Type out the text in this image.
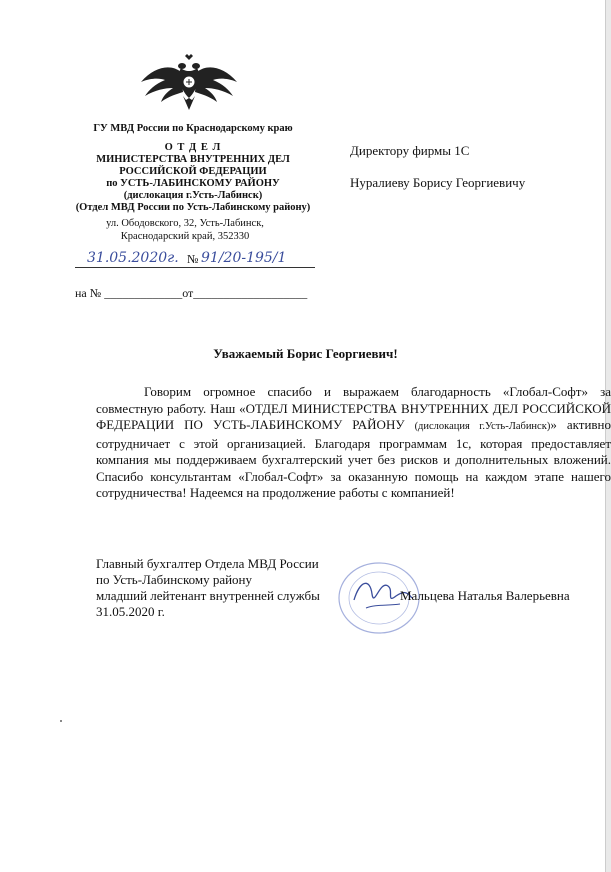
ГУ МВД России по Краснодарскому краю
О Т Д Е Л
МИНИСТЕРСТВА ВНУТРЕННИХ ДЕЛ
РОССИЙСКОЙ ФЕДЕРАЦИИ
по УСТЬ-ЛАБИНСКОМУ РАЙОНУ
(дислокация г.Усть-Лабинск)
(Отдел МВД России по Усть-Лабинскому району)
ул. Ободовского, 32, Усть-Лабинск,
Краснодарский край, 352330
31.05.2020г. № 91/20-195/1
на № _____________от___________________
Директору фирмы 1С
Нуралиеву Борису Георгиевичу
Уважаемый Борис Георгиевич!
Говорим огромное спасибо и выражаем благодарность «Глобал-Софт» за совместную работу. Наш «ОТДЕЛ МИНИСТЕРСТВА ВНУТРЕННИХ ДЕЛ РОССИЙСКОЙ ФЕДЕРАЦИИ ПО УСТЬ-ЛАБИНСКОМУ РАЙОНУ (дислокация г.Усть-Лабинск)» активно сотрудничает с этой организацией. Благодаря программам 1с, которая предоставляет компания мы поддерживаем бухгалтерский учет без рисков и дополнительных вложений. Спасибо консультантам «Глобал-Софт» за оказанную помощь на каждом этапе нашего сотрудничества! Надеемся на продолжение работы с компанией!
Главный бухгалтер Отдела МВД России
по Усть-Лабинскому району
младший лейтенант внутренней службы	Мальцева Наталья Валерьевна
31.05.2020 г.
